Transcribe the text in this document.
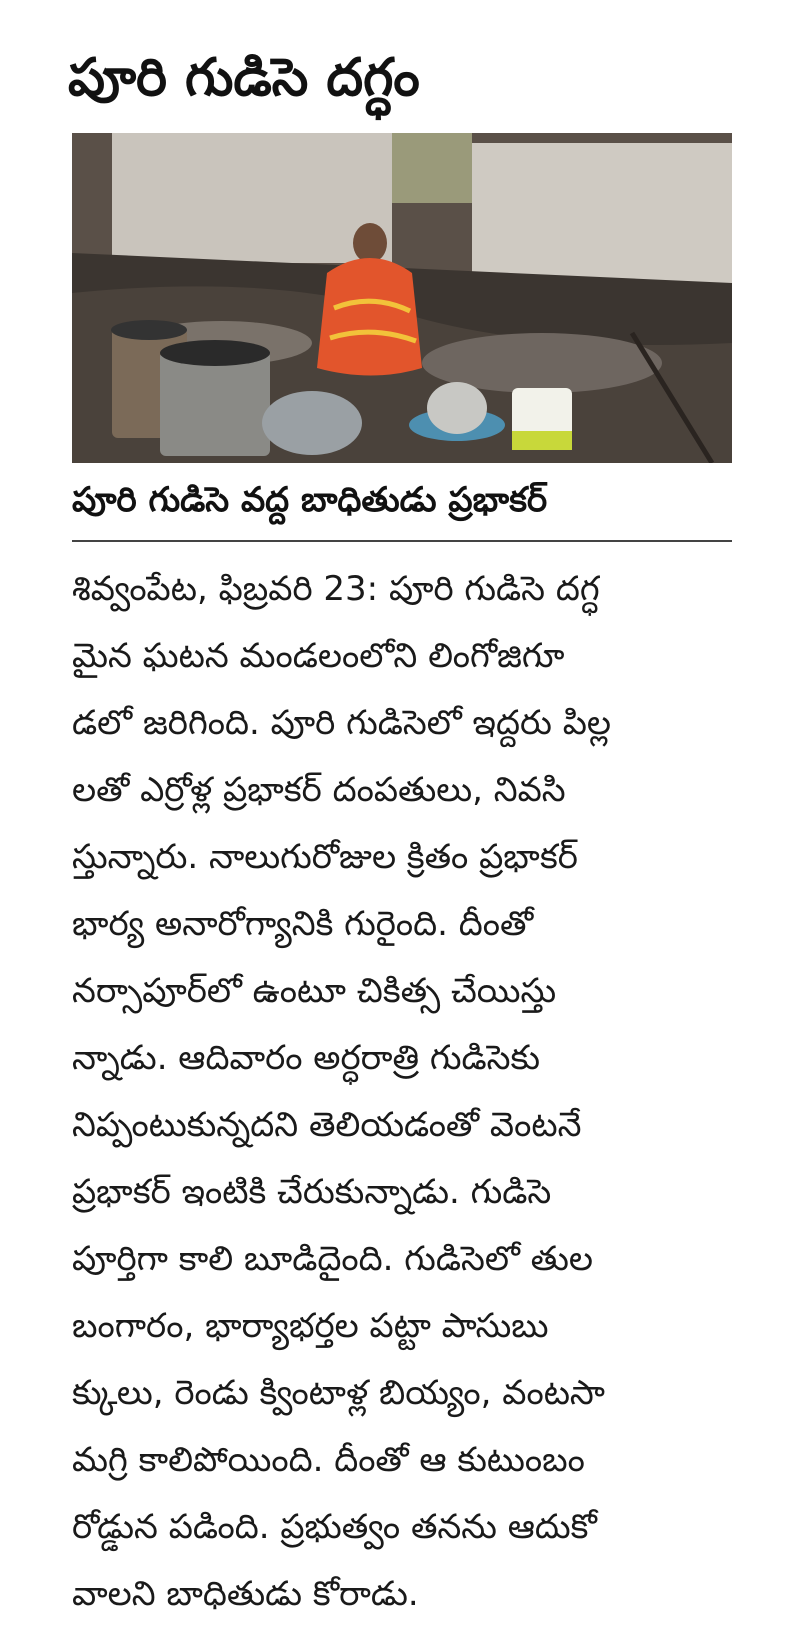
పూరి గుడిసె దగ్ధం
పూరి గుడిసె వద్ద బాధితుడు ప్రభాకర్
శివ్వంపేట, ఫిబ్రవరి 23: పూరి గుడిసె దగ్ధ
మైన ఘటన మండలంలోని లింగోజిగూ
డలో జరిగింది. పూరి గుడిసెలో ఇద్దరు పిల్ల
లతో ఎర్రోళ్ల ప్రభాకర్ దంపతులు, నివసి
స్తున్నారు. నాలుగురోజుల క్రితం ప్రభాకర్
భార్య అనారోగ్యానికి గురైంది. దీంతో
నర్సాపూర్‌లో ఉంటూ చికిత్స చేయిస్తు
న్నాడు. ఆదివారం అర్ధరాత్రి గుడిసెకు
నిప్పంటుకున్నదని తెలియడంతో వెంటనే
ప్రభాకర్ ఇంటికి చేరుకున్నాడు. గుడిసె
పూర్తిగా కాలి బూడిదైంది. గుడిసెలో తుల
బంగారం, భార్యాభర్తల పట్టా పాసుబు
క్కులు, రెండు క్వింటాళ్ల బియ్యం, వంటసా
మగ్రి కాలిపోయింది. దీంతో ఆ కుటుంబం
రోడ్డున పడింది. ప్రభుత్వం తనను ఆదుకో
వాలని బాధితుడు కోరాడు.
